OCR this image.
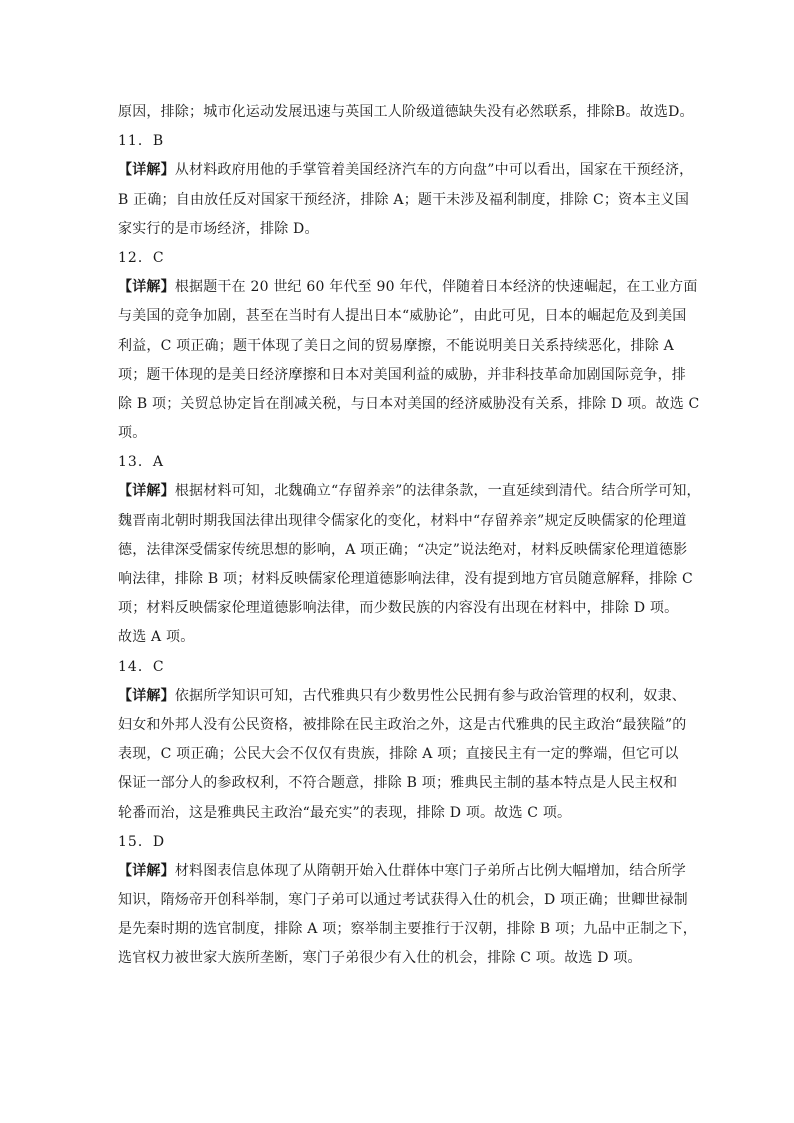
原因，排除；城市化运动发展迅速与英国工人阶级道德缺失没有必然联系，排除B。故选D。
11．B
【详解】从材料政府用他的手掌管着美国经济汽车的方向盘”中可以看出，国家在干预经济，
B 正确；自由放任反对国家干预经济，排除 A；题干未涉及福利制度，排除 C；资本主义国
家实行的是市场经济，排除 D。
12．C
【详解】根据题干在 20 世纪 60 年代至 90 年代，伴随着日本经济的快速崛起，在工业方面
与美国的竞争加剧，甚至在当时有人提出日本“威胁论”，由此可见，日本的崛起危及到美国
利益，C 项正确；题干体现了美日之间的贸易摩擦，不能说明美日关系持续恶化，排除 A
项；题干体现的是美日经济摩擦和日本对美国利益的威胁，并非科技革命加剧国际竞争，排
除 B 项；关贸总协定旨在削减关税，与日本对美国的经济威胁没有关系，排除 D 项。故选 C
项。
13．A
【详解】根据材料可知，北魏确立“存留养亲”的法律条款，一直延续到清代。结合所学可知，
魏晋南北朝时期我国法律出现律令儒家化的变化，材料中“存留养亲”规定反映儒家的伦理道
德，法律深受儒家传统思想的影响，A 项正确；“决定”说法绝对，材料反映儒家伦理道德影
响法律，排除 B 项；材料反映儒家伦理道德影响法律，没有提到地方官员随意解释，排除 C
项；材料反映儒家伦理道德影响法律，而少数民族的内容没有出现在材料中，排除 D 项。
故选 A 项。
14．C
【详解】依据所学知识可知，古代雅典只有少数男性公民拥有参与政治管理的权利，奴隶、
妇女和外邦人没有公民资格，被排除在民主政治之外，这是古代雅典的民主政治“最狭隘”的
表现，C 项正确；公民大会不仅仅有贵族，排除 A 项；直接民主有一定的弊端，但它可以
保证一部分人的参政权利，不符合题意，排除 B 项；雅典民主制的基本特点是人民主权和
轮番而治，这是雅典民主政治“最充实”的表现，排除 D 项。故选 C 项。
15．D
【详解】材料图表信息体现了从隋朝开始入仕群体中寒门子弟所占比例大幅增加，结合所学
知识，隋炀帝开创科举制，寒门子弟可以通过考试获得入仕的机会，D 项正确；世卿世禄制
是先秦时期的选官制度，排除 A 项；察举制主要推行于汉朝，排除 B 项；九品中正制之下，
选官权力被世家大族所垄断，寒门子弟很少有入仕的机会，排除 C 项。故选 D 项。
